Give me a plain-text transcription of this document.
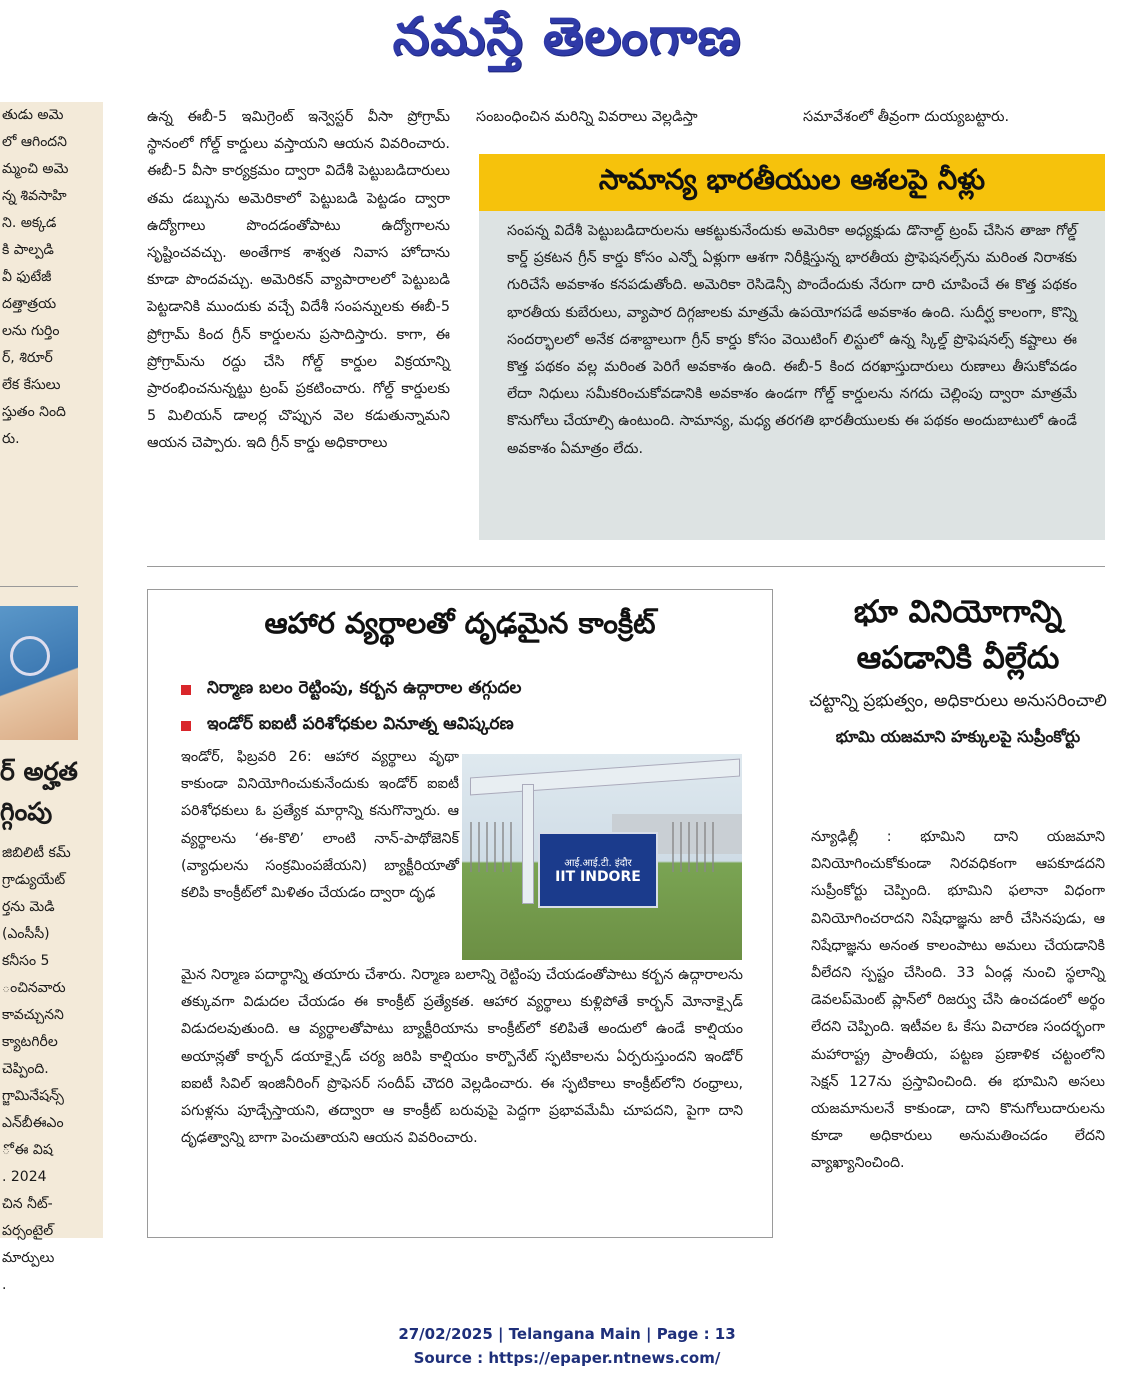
నమస్తే తెలంగాణ
తుడు అమె
లో ఆగిందని
మ్మంచి అమె
న్న శివసాహి
ని. అక్కడ
కి పాల్పడి
వీ ఫుటేజీ
దత్తాత్రయ
లను గుర్తిం
ర్, శిరూర్
లేక కేసులు
స్తుతం నింది
రు.
ర్ అర్హత
గ్గింపు
జిబిలిటీ కమ్
గ్రాడ్యుయేట్
ర్తను మెడి
(ఎంసీసీ)
కనీసం 5
ంచినవారు
కావచ్చునని
క్యాటగిరీల
చెప్పింది.
గ్జామినేషన్స్
ఎన్‌బీఈఎం
ో ఈ విష
. 2024
చిన నీట్-
పర్సంటైల్
మార్పులు
.

ఉన్న ఈబీ-5 ఇమిగ్రెంట్ ఇన్వెస్టర్ వీసా ప్రోగ్రామ్ స్థానంలో గోల్డ్ కార్డులు వస్తాయని ఆయన వివరించారు. ఈబీ-5 వీసా కార్యక్రమం ద్వారా విదేశీ పెట్టుబడిదారులు తమ డబ్బును అమెరికాలో పెట్టుబడి పెట్టడం ద్వారా ఉద్యోగాలు పొందడంతోపాటు ఉద్యోగాలను సృష్టించవచ్చు. అంతేగాక శాశ్వత నివాస హోదాను కూడా పొందవచ్చు. అమెరికన్ వ్యాపారాలలో పెట్టుబడి పెట్టడానికి ముందుకు వచ్చే విదేశీ సంపన్నులకు ఈబీ-5 ప్రోగ్రామ్ కింద గ్రీన్ కార్డులను ప్రసాదిస్తారు. కాగా, ఈ ప్రోగ్రామ్‌ను రద్దు చేసి గోల్డ్ కార్డుల విక్రయాన్ని ప్రారంభించనున్నట్టు ట్రంప్ ప్రకటించారు. గోల్డ్ కార్డులకు 5 మిలియన్ డాలర్ల చొప్పున వెల కడుతున్నామని ఆయన చెప్పారు. ఇది గ్రీన్ కార్డు అధికారాలు

సంబంధించిన మరిన్ని వివరాలు వెల్లడిస్తా	సమావేశంలో తీవ్రంగా దుయ్యబట్టారు.
సామాన్య భారతీయుల ఆశలపై నీళ్లు
సంపన్న విదేశీ పెట్టుబడిదారులను ఆకట్టుకునేందుకు అమెరికా అధ్యక్షుడు డొనాల్డ్ ట్రంప్ చేసిన తాజా గోల్డ్ కార్డ్ ప్రకటన గ్రీన్ కార్డు కోసం ఎన్నో ఏళ్లుగా ఆశగా నిరీక్షిస్తున్న భారతీయ ప్రొఫెషనల్స్‌ను మరింత నిరాశకు గురిచేసే అవకాశం కనపడుతోంది. అమెరికా రెసిడెన్సీ పొందేందుకు నేరుగా దారి చూపించే ఈ కొత్త పథకం భారతీయ కుబేరులు, వ్యాపార దిగ్గజాలకు మాత్రమే ఉపయోగపడే అవకాశం ఉంది. సుదీర్ఘ కాలంగా, కొన్ని సందర్భాలలో అనేక దశాబ్దాలుగా గ్రీన్ కార్డు కోసం వెయిటింగ్ లిస్టులో ఉన్న స్కిల్డ్ ప్రొఫెషనల్స్ కష్టాలు ఈ కొత్త పథకం వల్ల మరింత పెరిగే అవకాశం ఉంది. ఈబీ-5 కింద దరఖాస్తుదారులు రుణాలు తీసుకోవడం లేదా నిధులు సమీకరించుకోవడానికి అవకాశం ఉండగా గోల్డ్ కార్డులను నగదు చెల్లింపు ద్వారా మాత్రమే కొనుగోలు చేయాల్సి ఉంటుంది. సామాన్య, మధ్య తరగతి భారతీయులకు ఈ పథకం అందుబాటులో ఉండే అవకాశం ఏమాత్రం లేదు.
ఆహార వ్యర్థాలతో దృఢమైన కాంక్రీట్
నిర్మాణ బలం రెట్టింపు, కర్బన ఉద్గారాల తగ్గుదల
ఇండోర్ ఐఐటీ పరిశోధకుల వినూత్న ఆవిష్కరణ
ఇండోర్, ఫిబ్రవరి 26: ఆహార వ్యర్థాలు వృథా కాకుండా వినియోగించుకునేందుకు ఇండోర్ ఐఐటీ పరిశోధకులు ఓ ప్రత్యేక మార్గాన్ని కనుగొన్నారు. ఆ వ్యర్థాలను ‘ఈ-కొలి’ లాంటి నాన్-పాథోజెనిక్ (వ్యాధులను సంక్రమింపజేయని) బ్యాక్టీరియాతో కలిపి కాంక్రీట్‌లో మిళితం చేయడం ద్వారా దృఢ
आई.आई.टी. इंदौर
IIT INDORE
మైన నిర్మాణ పదార్థాన్ని తయారు చేశారు. నిర్మాణ బలాన్ని రెట్టింపు చేయడంతోపాటు కర్బన ఉద్గారాలను తక్కువగా విడుదల చేయడం ఈ కాంక్రీట్ ప్రత్యేకత. ఆహార వ్యర్థాలు కుళ్లిపోతే కార్బన్ మోనాక్సైడ్ విడుదలవుతుంది. ఆ వ్యర్థాలతోపాటు బ్యాక్టీరియాను కాంక్రీట్‌లో కలిపితే అందులో ఉండే కాల్షియం అయాన్లతో కార్బన్ డయాక్సైడ్ చర్య జరిపి కాల్షియం కార్బొనేట్ స్ఫటికాలను ఏర్పరుస్తుందని ఇండోర్ ఐఐటీ సివిల్ ఇంజినీరింగ్ ప్రొఫెసర్ సందీప్ చౌదరి వెల్లడించారు. ఈ స్ఫటికాలు కాంక్రీట్‌లోని రంధ్రాలు, పగుళ్లను పూడ్చేస్తాయని, తద్వారా ఆ కాంక్రీట్ బరువుపై పెద్దగా ప్రభావమేమీ చూపదని, పైగా దాని దృఢత్వాన్ని బాగా పెంచుతాయని ఆయన వివరించారు.
భూ వినియోగాన్ని ఆపడానికి వీల్లేదు
చట్టాన్ని ప్రభుత్వం, అధికారులు అనుసరించాలి
భూమి యజమాని హక్కులపై సుప్రీంకోర్టు
న్యూఢిల్లీ : భూమిని దాని యజమాని వినియోగించుకోకుండా నిరవధికంగా ఆపకూడదని సుప్రీంకోర్టు చెప్పింది. భూమిని ఫలానా విధంగా వినియోగించరాదని నిషేధాజ్ఞను జారీ చేసినపుడు, ఆ నిషేధాజ్ఞను అనంత కాలంపాటు అమలు చేయడానికి వీలేదని స్పష్టం చేసింది. 33 ఏండ్ల నుంచి స్థలాన్ని డెవలప్‌మెంట్ ప్లాన్‌లో రిజర్వు చేసి ఉంచడంలో అర్థం లేదని చెప్పింది. ఇటీవల ఓ కేసు విచారణ సందర్భంగా మహారాష్ట్ర ప్రాంతీయ, పట్టణ ప్రణాళిక చట్టంలోని సెక్షన్ 127ను ప్రస్తావించింది. ఈ భూమిని అసలు యజమానులనే కాకుండా, దాని కొనుగోలుదారులను కూడా అధికారులు అనుమతించడం లేదని వ్యాఖ్యానించింది.
27/02/2025 | Telangana Main | Page : 13
Source : https://epaper.ntnews.com/
